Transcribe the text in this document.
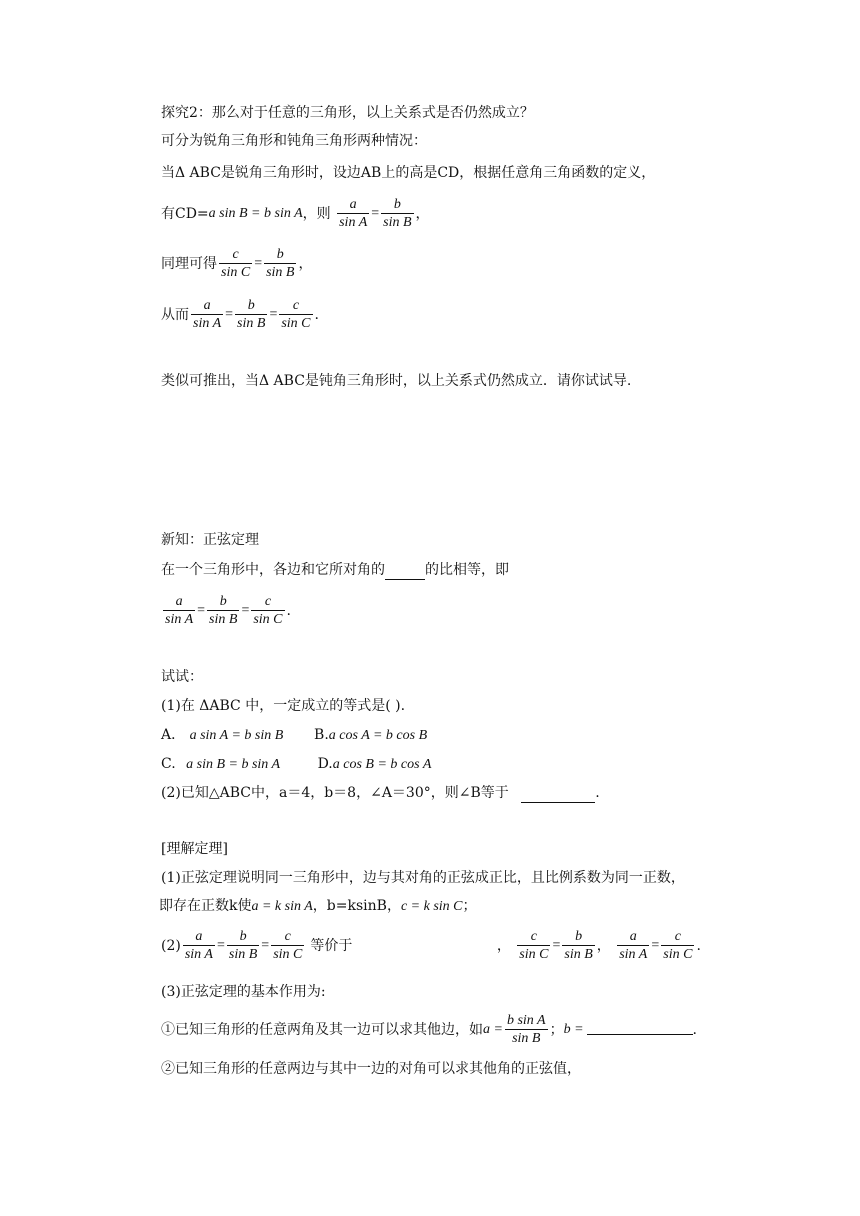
探究2：那么对于任意的三角形，以上关系式是否仍然成立？
可分为锐角三角形和钝角三角形两种情况：
当Δ ABC是锐角三角形时，设边AB上的高是CD，根据任意角三角函数的定义，
有CD=a sin B = b sin A，则 $\frac{a}{\text{sin A}} = \frac{b}{\text{sin B}}$ ，
同理可得 $\frac{c}{\text{sin C}} = \frac{b}{\text{sin B}}$ ，
从而 $\frac{a}{\text{sin A}} = \frac{b}{\text{sin B}} = \frac{c}{\text{sin C}}$ .
类似可推出，当Δ ABC是钝角三角形时，以上关系式仍然成立．请你试试导.
新知：正弦定理
在一个三角形中，各边和它所对角的	的比相等，即
$\frac{a}{\text{sin A}} = \frac{b}{\text{sin B}} = \frac{c}{\text{sin C}}$ .
试试：
(1)在 ΔABC 中，一定成立的等式是( ).
A． a sin A = b sin B B.a cos A = b cos B
C. a sin B = b sin A	D.a cos B = b cos A
(2)已知△ABC中，a＝4，b＝8，∠A＝30°，则∠B等于	.
[理解定理]
(1)正弦定理说明同一三角形中，边与其对角的正弦成正比，且比例系数为同一正数，
即存在正数k使a = k sin A，b=ksinB，c = k sin C；
$(2) \frac{a}{\text{sin A}} = \frac{b}{\text{sin B}} = \frac{c}{\text{sin C}}$ 等价于	， $\frac{c}{\text{sin C}} = \frac{b}{\text{sin B}}$ ， $\frac{a}{\text{sin A}} = \frac{c}{\text{sin C}}$ .
(3)正弦定理的基本作用为:
①已知三角形的任意两角及其一边可以求其他边，如$a = \frac{\text{b sin A}}{\text{sin B}}$ ；b =	.
②已知三角形的任意两边与其中一边的对角可以求其他角的正弦值，
